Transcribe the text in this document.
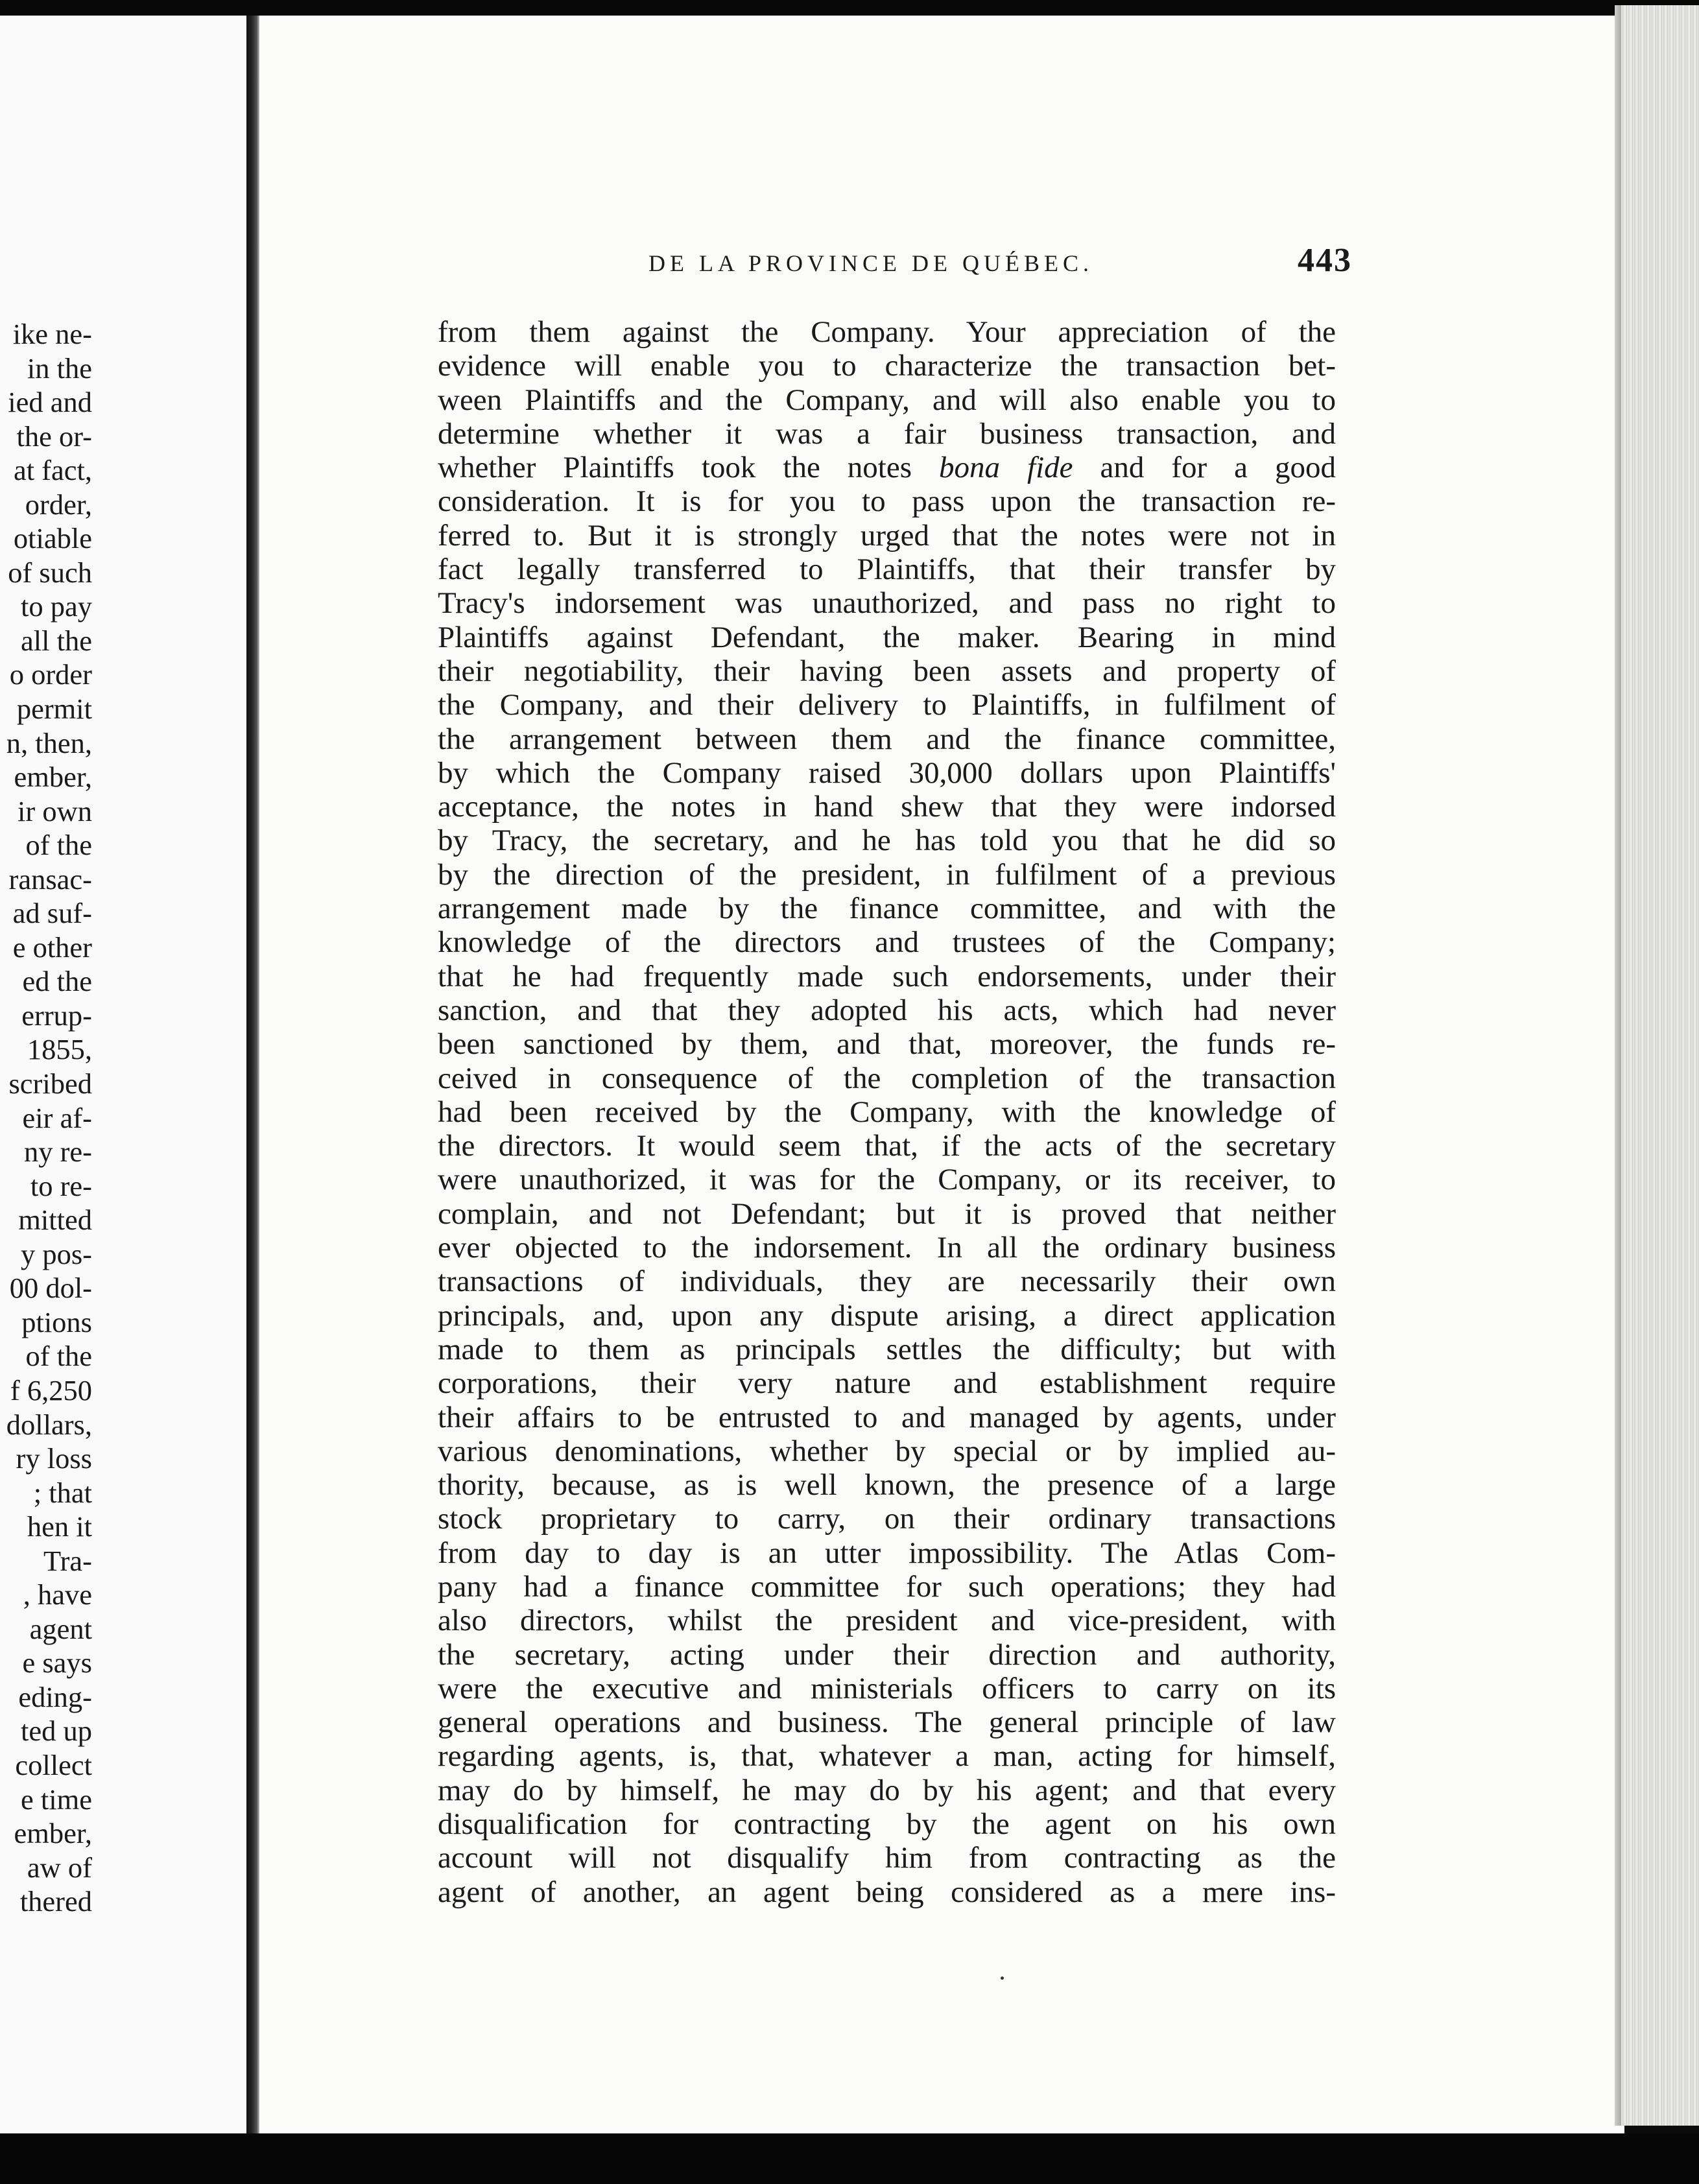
ike ne-
in the
ied and
the or-
at fact,
order,
otiable
of such
to pay
all the
o order
permit
n, then,
ember,
ir own
of the
ransac-
ad suf-
e other
ed the
errup-
1855,
scribed
eir af-
ny re-
to re-
mitted
y pos-
00 dol-
ptions
of the
f 6,250
dollars,
ry loss
; that
hen it
Tra-
, have
agent
e says
eding-
ted up
collect
e time
ember,
aw of
thered
DE LA PROVINCE DE QUÉBEC.	443
from them against the Company. Your appreciation of the
evidence will enable you to characterize the transaction bet-
ween Plaintiffs and the Company, and will also enable you to
determine whether it was a fair business transaction, and
whether Plaintiffs took the notes bona fide and for a good
consideration. It is for you to pass upon the transaction re-
ferred to. But it is strongly urged that the notes were not in
fact legally transferred to Plaintiffs, that their transfer by
Tracy's indorsement was unauthorized, and pass no right to
Plaintiffs against Defendant, the maker. Bearing in mind
their negotiability, their having been assets and property of
the Company, and their delivery to Plaintiffs, in fulfilment of
the arrangement between them and the finance committee,
by which the Company raised 30,000 dollars upon Plaintiffs'
acceptance, the notes in hand shew that they were indorsed
by Tracy, the secretary, and he has told you that he did so
by the direction of the president, in fulfilment of a previous
arrangement made by the finance committee, and with the
knowledge of the directors and trustees of the Company;
that he had frequently made such endorsements, under their
sanction, and that they adopted his acts, which had never
been sanctioned by them, and that, moreover, the funds re-
ceived in consequence of the completion of the transaction
had been received by the Company, with the knowledge of
the directors. It would seem that, if the acts of the secretary
were unauthorized, it was for the Company, or its receiver, to
complain, and not Defendant; but it is proved that neither
ever objected to the indorsement. In all the ordinary business
transactions of individuals, they are necessarily their own
principals, and, upon any dispute arising, a direct application
made to them as principals settles the difficulty; but with
corporations, their very nature and establishment require
their affairs to be entrusted to and managed by agents, under
various denominations, whether by special or by implied au-
thority, because, as is well known, the presence of a large
stock proprietary to carry, on their ordinary transactions
from day to day is an utter impossibility. The Atlas Com-
pany had a finance committee for such operations; they had
also directors, whilst the president and vice-president, with
the secretary, acting under their direction and authority,
were the executive and ministerials officers to carry on its
general operations and business. The general principle of law
regarding agents, is, that, whatever a man, acting for himself,
may do by himself, he may do by his agent; and that every
disqualification for contracting by the agent on his own
account will not disqualify him from contracting as the
agent of another, an agent being considered as a mere ins-
